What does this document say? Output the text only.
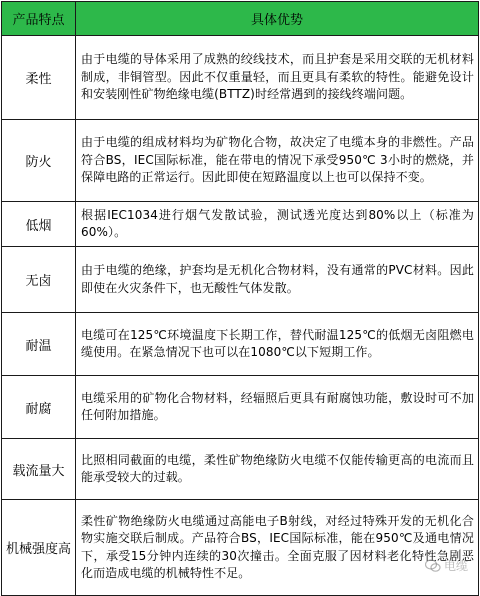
产品特点	具体优势
柔性	由于电缆的导体采用了成熟的绞线技术，而且护套是采用交联的无机材料制成，非铜管型。因此不仅重量轻，而且更具有柔软的特性。能避免设计和安装刚性矿物绝缘电缆(BTTZ)时经常遇到的接线终端问题。
防火	由于电缆的组成材料均为矿物化合物，故决定了电缆本身的非燃性。产品符合BS，IEC国际标准，能在带电的情况下承受950℃ 3小时的燃烧，并保障电路的正常运行。因此即使在短路温度以上也可以保持不变。
低烟	根据IEC1034进行烟气发散试验，测试透光度达到80%以上（标准为60%）。
无卤	由于电缆的绝缘，护套均是无机化合物材料，没有通常的PVC材料。因此即使在火灾条件下，也无酸性气体发散。
耐温	电缆可在125℃环境温度下长期工作，替代耐温125℃的低烟无卤阻燃电缆使用。在紧急情况下也可以在1080℃以下短期工作。
耐腐	电缆采用的矿物化合物材料，经辐照后更具有耐腐蚀功能，敷设时可不加任何附加措施。
载流量大	比照相同截面的电缆，柔性矿物绝缘防火电缆不仅能传输更高的电流而且能承受较大的过载。
机械强度高	柔性矿物绝缘防火电缆通过高能电子B射线，对经过特殊开发的无机化合物实施交联后制成。产品符合BS，IEC国际标准，能在950℃及通电情况下，承受15分钟内连续的30次撞击。全面克服了因材料老化特性急剧恶化而造成电缆的机械特性不足。	电缆
